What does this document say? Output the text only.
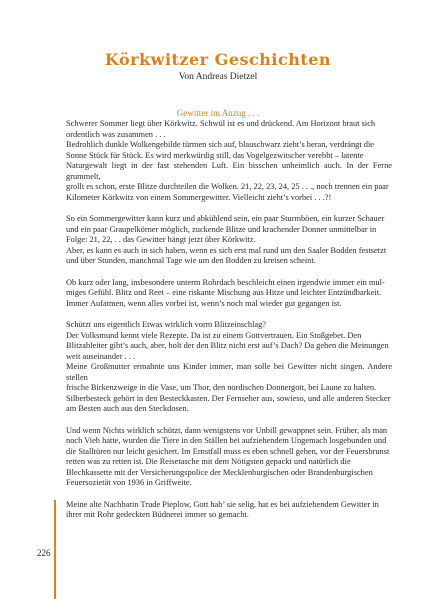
Körkwitzer Geschichten
Von Andreas Dietzel
Gewitter im Anzug . . .

Schwerer Sommer liegt über Körkwitz. Schwül ist es und drückend. Am Horizont braut sich
ordentlich was zusammen . . .
Bedrohlich dunkle Wolkengebilde türmen sich auf, blauschwarz zieht’s heran, verdrängt die
Sonne Stück für Stück. Es wird merkwürdig still, das Vogelgezwitscher verebbt – latente
Naturgewalt liegt in der fast stehenden Luft. Ein bisschen unheimlich auch. In der Ferne grummelt,
grollt es schon, erste Blitze durchteilen die Wolken. 21, 22, 23, 24, 25 . . ., noch trennen ein paar
Kilometer Körkwitz von einem Sommergewitter. Vielleicht zieht’s vorbei . . .?!

So ein Sommergewitter kann kurz und abkühlend sein, ein paar Sturmböen, ein kurzer Schauer
und ein paar Graupelkörner möglich, zuckende Blitze und krachender Donner unmittelbar in
Folge: 21, 22, . . das Gewitter hängt jetzt über Körkwitz.
Aber, es kann es auch in sich haben, wenn es sich erst mal rund um den Saaler Bodden festsetzt
und über Stunden, manchmal Tage wie um den Bodden zu kreisen scheint.

Ob kurz oder lang, insbesondere unterm Rohrdach beschleicht einen irgendwie immer ein mul-
miges Gefühl. Blitz und Reet – eine riskante Mischung aus Hitze und leichter Entzündbarkeit.
Immer Aufatmen, wenn alles vorbei ist, wenn’s noch mal wieder gut gegangen ist.

Schützt uns eigentlich Etwas wirklich vorm Blitzeinschlag?
Der Volksmund kennt viele Rezepte. Da ist zu einem Gottvertrauen. Ein Stoßgebet. Den
Blitzableiter gibt’s auch, aber, holt der den Blitz nicht erst auf’s Dach? Da gehen die Meinungen
weit auseinander . . .
Meine Großmutter ermahnte uns Kinder immer, man solle bei Gewitter nicht singen. Andere stellen
frische Birkenzweige in die Vase, um Thor, den nordischen Donnergott, bei Laune zu halten.
Silberbesteck gehört in den Besteckkasten. Der Fernseher aus, sowieso, und alle anderen Stecker
am Besten auch aus den Steckdosen.

Und wenn Nichts wirklich schützt, dann wenigstens vor Unbill gewappnet sein. Früher, als man
noch Vieh hatte, wurden die Tiere in den Ställen bei aufziehendem Ungemach losgebunden und
die Stalltüren nur leicht gesichert. Im Ernstfall muss es eben schnell gehen, vor der Feuersbrunst
retten was zu retten ist. Die Reisetasche mit dem Nötigsten gepackt und natürlich die
Blechkassette mit der Versicherungspolice der Mecklenburgischen oder Brandenburgischen
Feuersozietät von 1936 in Griffweite.

Meine alte Nachbarin Trude Pieplow, Gott hab’ sie selig, hat es bei aufziehendem Gewitter in
ihrer mit Rohr gedeckten Büdnerei immer so gemacht.

226
